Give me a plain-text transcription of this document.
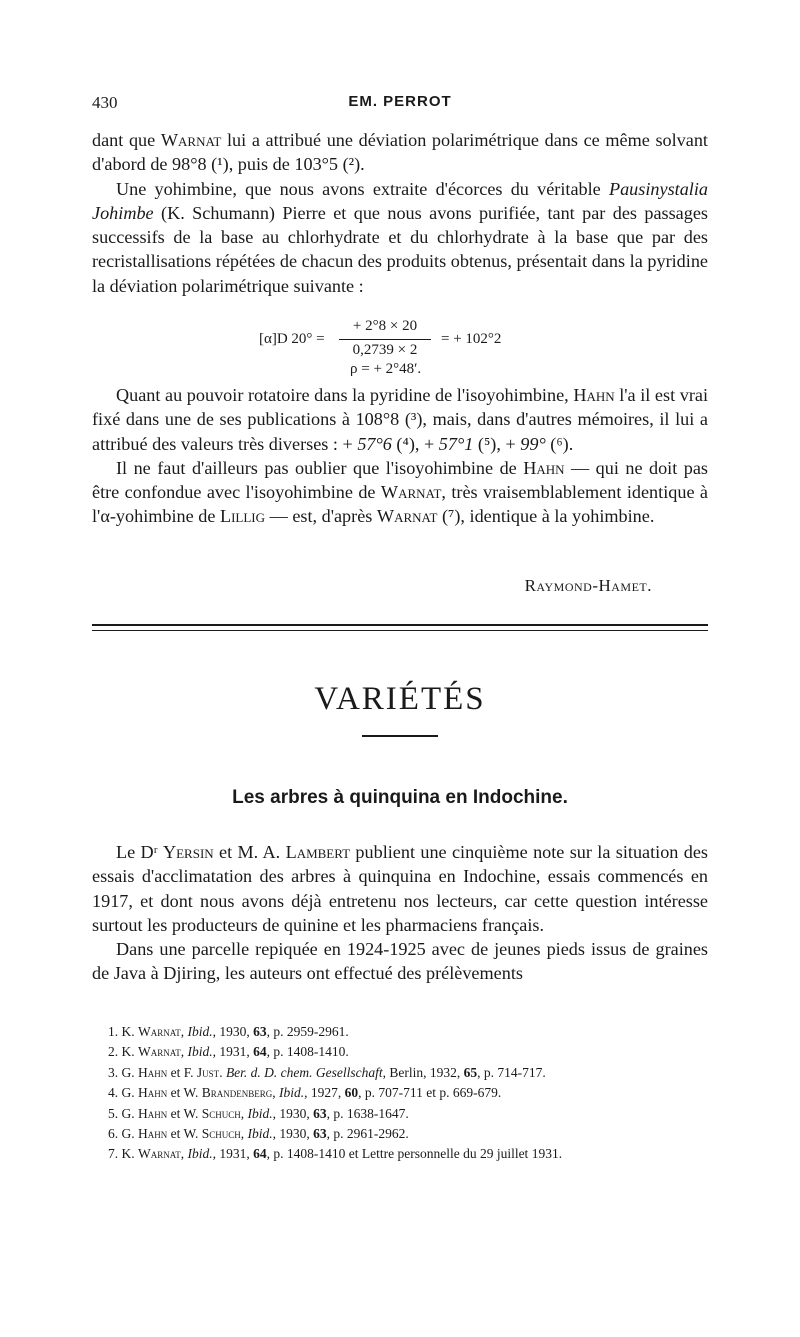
430	EM. PERROT

dant que Warnat lui a attribué une déviation polarimétrique dans ce même solvant d'abord de 98°8 (¹), puis de 103°5 (²).

Une yohimbine, que nous avons extraite d'écorces du véritable Pausinystalia Johimbe (K. Schumann) Pierre et que nous avons purifiée, tant par des passages successifs de la base au chlorhydrate et du chlorhydrate à la base que par des recristallisations répétées de chacun des produits obtenus, présentait dans la pyridine la déviation polarimétrique suivante :

[α]D 20° =
+ 2°8 × 20
0,2739 × 2
= + 102°2
ρ = + 2°48′.

Quant au pouvoir rotatoire dans la pyridine de l'isoyohimbine, Hahn l'a il est vrai fixé dans une de ses publications à 108°8 (³), mais, dans d'autres mémoires, il lui a attribué des valeurs très diverses : + 57°6 (⁴), + 57°1 (⁵), + 99° (⁶).

Il ne faut d'ailleurs pas oublier que l'isoyohimbine de Hahn — qui ne doit pas être confondue avec l'isoyohimbine de Warnat, très vraisemblablement identique à l'α-yohimbine de Lillig — est, d'après Warnat (⁷), identique à la yohimbine.

Raymond-Hamet.
VARIÉTÉS
Les arbres à quinquina en Indochine.

Le Dʳ Yersin et M. A. Lambert publient une cinquième note sur la situation des essais d'acclimatation des arbres à quinquina en Indochine, essais commencés en 1917, et dont nous avons déjà entretenu nos lecteurs, car cette question intéresse surtout les producteurs de quinine et les pharmaciens français.

Dans une parcelle repiquée en 1924-1925 avec de jeunes pieds issus de graines de Java à Djiring, les auteurs ont effectué des prélèvements

1. K. Warnat, Ibid., 1930, 63, p. 2959-2961.
2. K. Warnat, Ibid., 1931, 64, p. 1408-1410.
3. G. Hahn et F. Just. Ber. d. D. chem. Gesellschaft, Berlin, 1932, 65, p. 714-717.
4. G. Hahn et W. Brandenberg, Ibid., 1927, 60, p. 707-711 et p. 669-679.
5. G. Hahn et W. Schuch, Ibid., 1930, 63, p. 1638-1647.
6. G. Hahn et W. Schuch, Ibid., 1930, 63, p. 2961-2962.
7. K. Warnat, Ibid., 1931, 64, p. 1408-1410 et Lettre personnelle du 29 juillet 1931.
